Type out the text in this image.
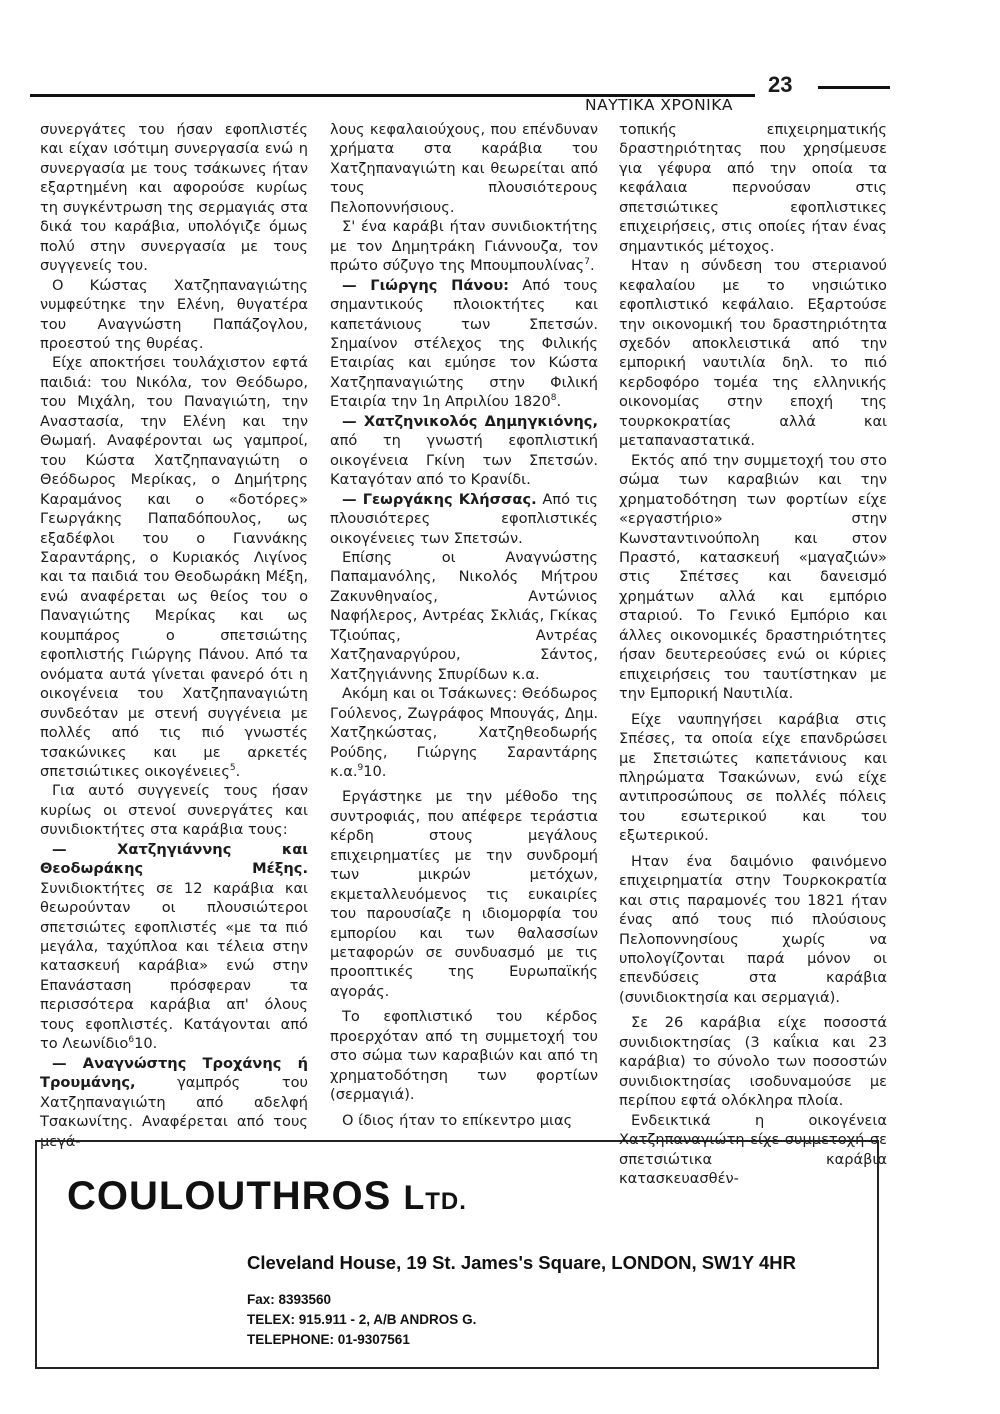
23
ΝΑΥΤΙΚΑ ΧΡΟΝΙΚΑ

συνεργάτες του ήσαν εφοπλιστές και είχαν ισότιμη συνεργασία ενώ η συνεργασία με τους τσάκωνες ήταν εξαρτημένη και αφορούσε κυρίως τη συγκέντρωση της σερμαγιάς στα δικά του καράβια, υπολόγιζε όμως πολύ στην συνεργασία με τους συγγενείς του.

Ο Κώστας Χατζηπαναγιώτης νυμφεύτηκε την Ελένη, θυγατέρα του Αναγνώστη Παπάζογλου, προεστού της θυρέας.

Είχε αποκτήσει τουλάχιστον εφτά παιδιά: του Νικόλα, τον Θεόδωρο, του Μιχάλη, του Παναγιώτη, την Αναστασία, την Ελένη και την Θωμαή. Αναφέρονται ως γαμπροί, του Κώστα Χατζηπαναγιώτη ο Θεόδωρος Μερίκας, ο Δημήτρης Καραμάνος και ο «δοτόρες» Γεωργάκης Παπαδόπουλος, ως εξαδέφλοι του ο Γιαννάκης Σαραντάρης, ο Κυριακός Λιγίνος και τα παιδιά του Θεοδωράκη Μέξη, ενώ αναφέρεται ως θείος του ο Παναγιώτης Μερίκας και ως κουμπάρος ο σπετσιώτης εφοπλιστής Γιώργης Πάνου. Από τα ονόματα αυτά γίνεται φανερό ότι η οικογένεια του Χατζηπαναγιώτη συνδεόταν με στενή συγγένεια με πολλές από τις πιό γνωστές τσακώνικες και με αρκετές σπετσιώτικες οικογένειες$^5$.

Για αυτό συγγενείς τους ήσαν κυρίως οι στενοί συνεργάτες και συνιδιοκτήτες στα καράβια τους:

— Χατζηγιάννης και Θεοδωράκης Μέξης. Συνιδιοκτήτες σε 12 καράβια και θεωρούνταν οι πλουσιώτεροι σπετσιώτες εφοπλιστές «με τα πιό μεγάλα, ταχύπλοα και τέλεια στην κατασκευή καράβια» ενώ στην Επανάσταση πρόσφεραν τα περισσότερα καράβια απ' όλους τους εφοπλιστές. Κατάγονται από το Λεωνίδιο$^6$10.

— Αναγνώστης Τροχάνης ή Τρουμάνης, γαμπρός του Χατζηπαναγιώτη από αδελφή Τσακωνίτης. Αναφέρεται από τους μεγά-

λους κεφαλαιούχους, που επένδυναν χρήματα στα καράβια του Χατζηπαναγιώτη και θεωρείται από τους πλουσιότερους Πελοποννήσιους.

Σ' ένα καράβι ήταν συνιδιοκτήτης με τον Δημητράκη Γιάννουζα, τον πρώτο σύζυγο της Μπουμπουλίνας$^7$.

— Γιώργης Πάνου: Από τους σημαντικούς πλοιοκτήτες και καπετάνιους των Σπετσών. Σημαίνον στέλεχος της Φιλικής Εταιρίας και εμύησε τον Κώστα Χατζηπαναγιώτης στην Φιλική Εταιρία την 1η Απριλίου 1820$^8$.

— Χατζηνικολός Δημηγκιόνης, από τη γνωστή εφοπλιστική οικογένεια Γκίνη των Σπετσών. Καταγόταν από το Κρανίδι.

— Γεωργάκης Κλήσσας. Από τις πλουσιότερες εφοπλιστικές οικογένειες των Σπετσών.

Επίσης οι Αναγνώστης Παπαμανόλης, Νικολός Μήτρου Ζακυνθηναίος, Αντώνιος Ναφήλερος, Αντρέας Σκλιάς, Γκίκας Τζιούπας, Αντρέας Χατζηαναργύρου, Σάντος, Χατζηγιάννης Σπυρίδων κ.α.

Ακόμη και οι Τσάκωνες: Θεόδωρος Γούλενος, Ζωγράφος Μπουγάς, Δημ. Χατζηκώστας, Χατζηθεοδωρής Ρούδης, Γιώργης Σαραντάρης κ.α.$^9$10.

Εργάστηκε με την μέθοδο της συντροφιάς, που απέφερε τεράστια κέρδη στους μεγάλους επιχειρηματίες με την συνδρομή των μικρών μετόχων, εκμεταλλευόμενος τις ευκαιρίες του παρουσίαζε η ιδιομορφία του εμπορίου και των θαλασσίων μεταφορών σε συνδυασμό με τις προοπτικές της Ευρωπαϊκής αγοράς.

Το εφοπλιστικό του κέρδος προερχόταν από τη συμμετοχή του στο σώμα των καραβιών και από τη χρηματοδότηση των φορτίων (σερμαγιά).

Ο ίδιος ήταν το επίκεντρο μιας

τοπικής επιχειρηματικής δραστηριότητας που χρησίμευσε για γέφυρα από την οποία τα κεφάλαια περνούσαν στις σπετσιώτικες εφοπλιστικες επιχειρήσεις, στις οποίες ήταν ένας σημαντικός μέτοχος.

Ηταν η σύνδεση του στεριανού κεφαλαίου με το νησιώτικο εφοπλιστικό κεφάλαιο. Εξαρτούσε την οικονομική του δραστηριότητα σχεδόν αποκλειστικά από την εμπορική ναυτιλία δηλ. το πιό κερδοφόρο τομέα της ελληνικής οικονομίας στην εποχή της τουρκοκρατίας αλλά και μεταπαναστατικά.

Εκτός από την συμμετοχή του στο σώμα των καραβιών και την χρηματοδότηση των φορτίων είχε «εργαστήριο» στην Κωνσταντινούπολη και στον Πραστό, κατασκευή «μαγαζιών» στις Σπέτσες και δανεισμό χρημάτων αλλά και εμπόριο σταριού. Το Γενικό Εμπόριο και άλλες οικονομικές δραστηριότητες ήσαν δευτερεούσες ενώ οι κύριες επιχειρήσεις του ταυτίστηκαν με την Εμπορική Ναυτιλία.

Είχε ναυπηγήσει καράβια στις Σπέσες, τα οποία είχε επανδρώσει με Σπετσιώτες καπετάνιους και πληρώματα Τσακώνων, ενώ είχε αντιπροσώπους σε πολλές πόλεις του εσωτερικού και του εξωτερικού.

Ηταν ένα δαιμόνιο φαινόμενο επιχειρηματία στην Τουρκοκρατία και στις παραμονές του 1821 ήταν ένας από τους πιό πλούσιους Πελοποννησίους χωρίς να υπολογίζονται παρά μόνον οι επενδύσεις στα καράβια (συνιδιοκτησία και σερμαγιά).

Σε 26 καράβια είχε ποσοστά συνιδιοκτησίας (3 καΐκια και 23 καράβια) το σύνολο των ποσοστών συνιδιοκτησίας ισοδυναμούσε με περίπου εφτά ολόκληρα πλοία.

Ενδεικτικά η οικογένεια Χατζηπαναγιώτη είχε συμμετοχή σε σπετσιώτικα καράβια κατασκευασθέν-

COULOUTHROS LTD.
Cleveland House, 19 St. James's Square, LONDON, SW1Y 4HR
Fax: 8393560
TELEX: 915.911 - 2, A/B ANDROS G.
TELEPHONE: 01-9307561
